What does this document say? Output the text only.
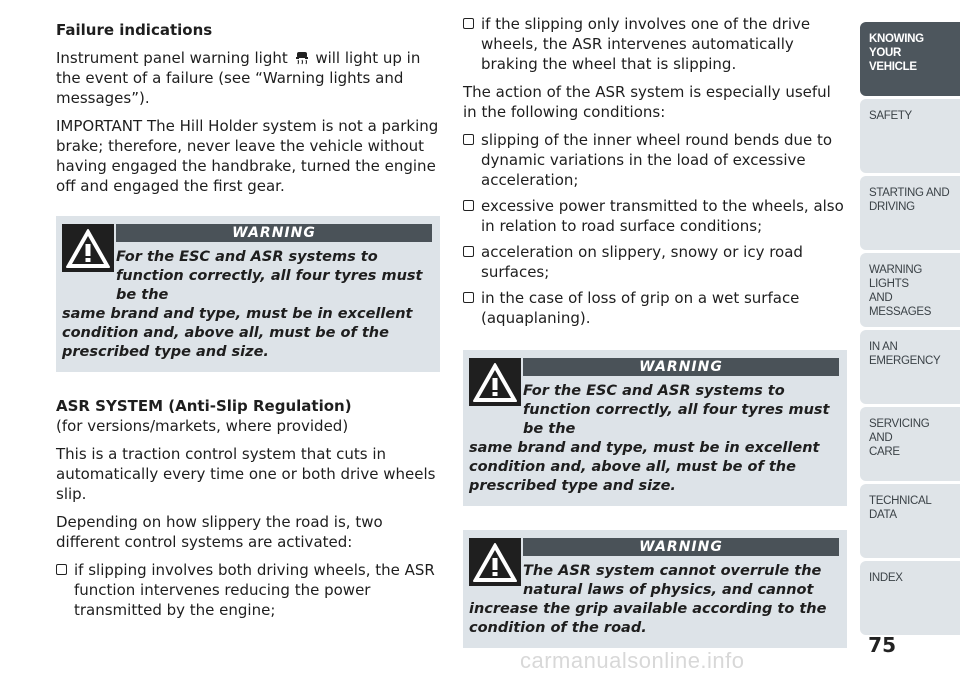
Failure indications

Instrument panel warning light will light up in the event of a failure (see “Warning lights and messages”).

IMPORTANT The Hill Holder system is not a parking brake; therefore, never leave the vehicle without having engaged the handbrake, turned the engine off and engaged the first gear.

WARNING
For the ESC and ASR systems to function correctly, all four tyres must be the
same brand and type, must be in excellent condition and, above all, must be of the prescribed type and size.
ASR SYSTEM (Anti-Slip Regulation)

(for versions/markets, where provided)

This is a traction control system that cuts in automatically every time one or both drive wheels slip.

Depending on how slippery the road is, two different control systems are activated:

if slipping involves both driving wheels, the ASR function intervenes reducing the power transmitted by the engine;
if the slipping only involves one of the drive wheels, the ASR intervenes automatically braking the wheel that is slipping.

The action of the ASR system is especially useful in the following conditions:

slipping of the inner wheel round bends due to dynamic variations in the load of excessive acceleration;
excessive power transmitted to the wheels, also in relation to road surface conditions;
acceleration on slippery, snowy or icy road surfaces;
in the case of loss of grip on a wet surface (aquaplaning).
WARNING
For the ESC and ASR systems to function correctly, all four tyres must be the
same brand and type, must be in excellent condition and, above all, must be of the prescribed type and size.
WARNING
The ASR system cannot overrule the natural laws of physics, and cannot
increase the grip available according to the condition of the road.
KNOWING YOUR
VEHICLE
SAFETY

STARTING AND
DRIVING
WARNING LIGHTS
AND MESSAGES
IN AN EMERGENCY

SERVICING AND
CARE
TECHNICAL DATA

INDEX

75
carmanualsonline.info
